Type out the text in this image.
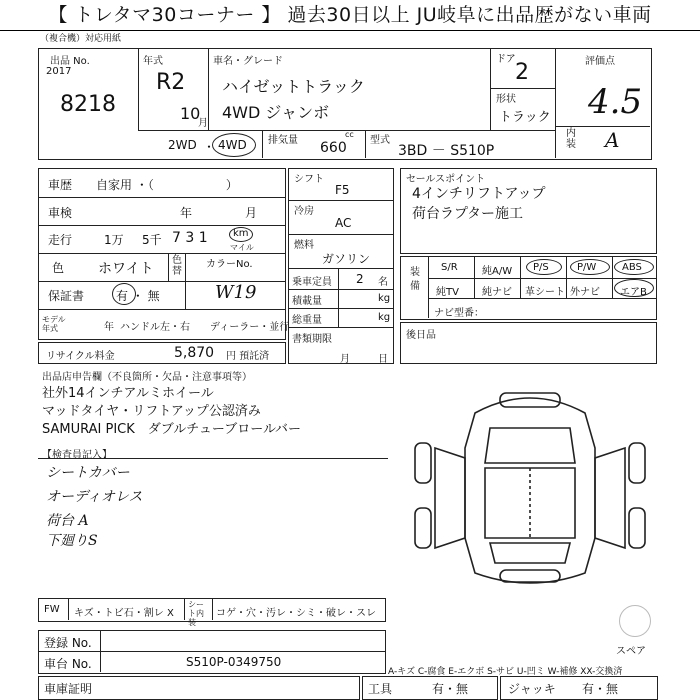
【 トレタマ30コーナー 】 過去30日以上 JU岐阜に出品歴がない車両
（複合機）対応用紙
出品 No.
2017
8218
年式
R2
10
月
車名・グレード
ハイゼットトラック
4WD ジャンボ
ドア
2
形状
トラック
評価点
4.5
内装 A
2WD ・ 4WD 排気量
cc
660 型式
3BD － S510P
車歴 自家用 ・（　　　　　　）
車検	年	月
走行	1万 5千 7 3 1	km
マイル
色 ホワイト
色替
カラーNo.
W19
保証書	有 ・ 無
モデル年式	年 ハンドル 左・右 ディーラー・並行
リサイクル料金	5,870 円 預託済
シフト
F5
冷房
AC
燃料
ガソリン
乗車定員 2 名
積載量	kg
総重量	kg
書類期限
月	日
セールスポイント
4インチリフトアップ
荷台ラプター施工
装備
S/R 純A/W P/S	P/W	ABS
純TV 純ナビ 革シート 外ナビ エアB
ナビ型番：
後日品
出品店申告欄（不良箇所・欠品・注意事項等）
社外14インチアルミホイール
マッドタイヤ・リフトアップ公認済み
SAMURAI PICK　ダブルチューブロールバー
【検査員記入】
シートカバー
オーディオレス
荷台 A
下廻りS
スペア
FW キズ・トビ石・割レ X
シート内装
コゲ・穴・汚レ・シミ・破レ・スレ
登録 No.
車台 No.	S510P-0349750
A-キズ C-腐食 E-エクボ S-サビ U-凹ミ W-補修 XX-交換済
車庫証明	工具	有・無	ジャッキ 有・無
